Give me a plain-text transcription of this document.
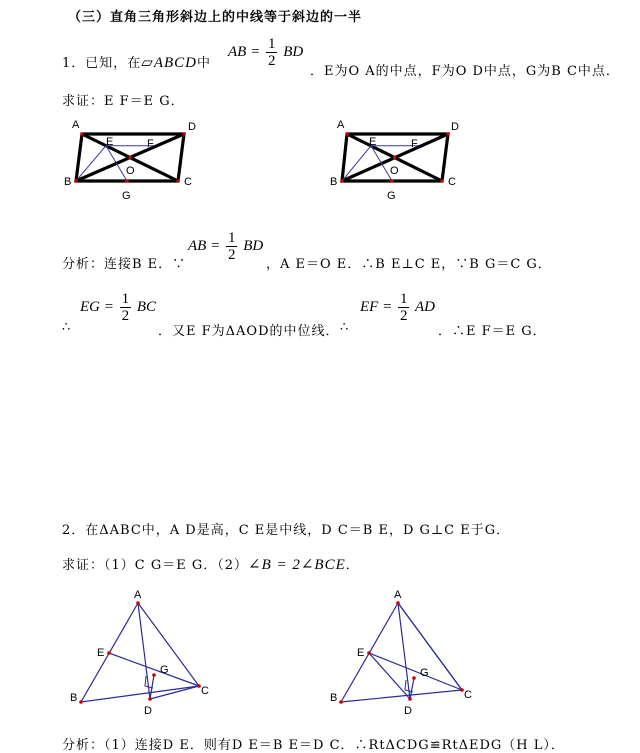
（三）直角三角形斜边上的中线等于斜边的一半
1．已知，在▱ABCD中
AB = $\frac{1}{2}$ BD
．E为O A的中点，F为O D中点，G为B C中点．
求证：E F＝E G．
A	D
B	C
E	F
O
G
A	D
B	C
E	F
O
G
分析：连接B E．∵
AB = $\frac{1}{2}$ BD
，A E＝O E．∴B E⊥C E，∵B G＝C G．
∴
EG = $\frac{1}{2}$ BC
．又E F为ΔAOD的中位线． ∴
EF = $\frac{1}{2}$ AD
．∴E F＝E G．
2．在ΔABC中，A D是高，C E是中线，D C＝B E，D G⊥C E于G．
求证：（1）C G＝E G．（2）∠B = 2∠BCE．
A
B
C
D
E
G
A
B	C
D
E
G
分析：（1）连接D E．则有D E＝B E＝D C．∴RtΔCDG≌RtΔEDG（H L）．
